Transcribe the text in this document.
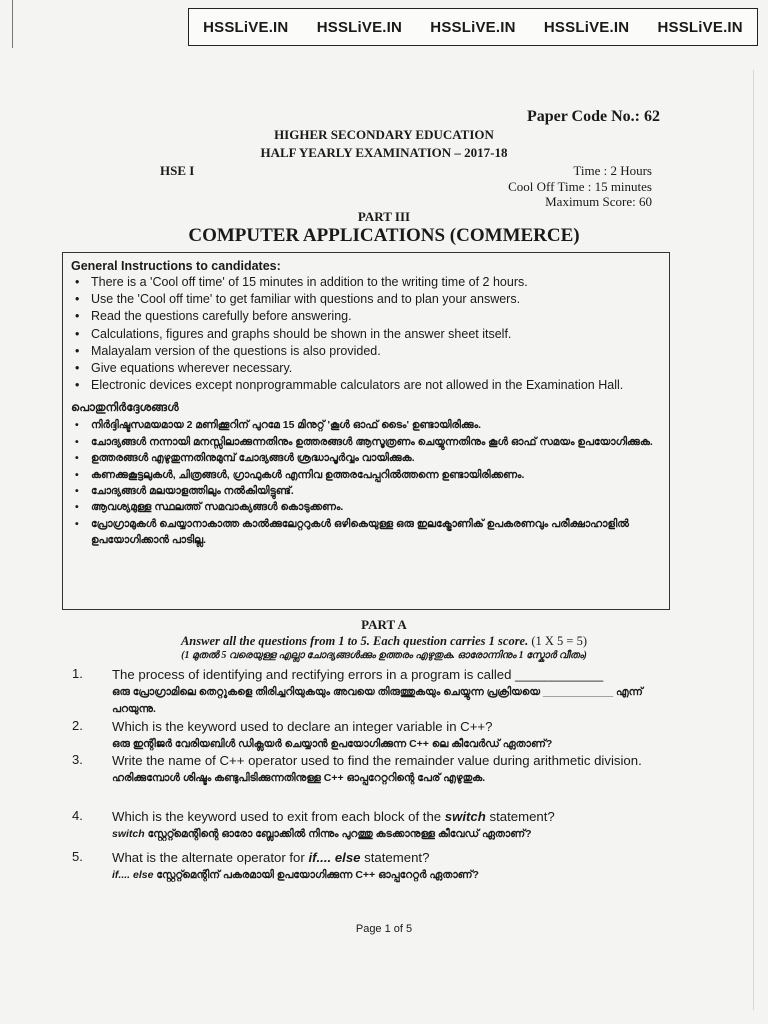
HSSLiVE.IN HSSLiVE.IN HSSLiVE.IN HSSLiVE.IN HSSLiVE.IN
Paper Code No.: 62
HIGHER SECONDARY EDUCATION
HALF YEARLY EXAMINATION – 2017-18
HSE I	Time : 2 Hours
Cool Off Time : 15 minutes
Maximum Score: 60
PART III
COMPUTER APPLICATIONS (COMMERCE)
General Instructions to candidates:
• There is a 'Cool off time' of 15 minutes in addition to the writing time of 2 hours.
• Use the 'Cool off time' to get familiar with questions and to plan your answers.
• Read the questions carefully before answering.
• Calculations, figures and graphs should be shown in the answer sheet itself.
• Malayalam version of the questions is also provided.
• Give equations wherever necessary.
• Electronic devices except nonprogrammable calculators are not allowed in the Examination Hall.
പൊതുനിർദ്ദേശങ്ങൾ
• നിർദ്ദിഷ്ടസമയമായ 2 മണിക്കൂറിന് പുറമേ 15 മിനുറ്റ് 'കൂൾ ഓഫ് ടൈം' ഉണ്ടായിരിക്കും.
• ചോദ്യങ്ങൾ നന്നായി മനസ്സിലാക്കുന്നതിനും ഉത്തരങ്ങൾ ആസൂത്രണം ചെയ്യുന്നതിനും കൂൾ ഓഫ് സമയം ഉപയോഗിക്കുക.
• ഉത്തരങ്ങൾ എഴുതുന്നതിനുമുമ്പ് ചോദ്യങ്ങൾ ശ്രദ്ധാപൂർവ്വം വായിക്കുക.
• കണക്കുകൂട്ടലുകൾ, ചിത്രങ്ങൾ, ഗ്രാഫുകൾ എന്നിവ ഉത്തരപേപ്പറിൽത്തന്നെ ഉണ്ടായിരിക്കണം.
• ചോദ്യങ്ങൾ മലയാളത്തിലും നൽകിയിട്ടുണ്ട്.
• ആവശ്യമുള്ള സ്ഥലത്ത് സമവാക്യങ്ങൾ കൊടുക്കണം.
• പ്രോഗ്രാമുകൾ ചെയ്യാനാകാത്ത കാൽക്കുലേറ്ററുകൾ ഒഴികെയുള്ള ഒരു ഇലക്ട്രോണിക് ഉപകരണവും പരീക്ഷാഹാളിൽ ഉപയോഗിക്കാൻ പാടില്ല.
PART A
Answer all the questions from 1 to 5. Each question carries 1 score. (1 X 5 = 5)
(1 മുതൽ 5 വരെയുള്ള എല്ലാ ചോദ്യങ്ങൾക്കും ഉത്തരം എഴുതുക. ഓരോന്നിനും 1 സ്കോർ വീതം)
1. The process of identifying and rectifying errors in a program is called ____________
ഒരു പ്രോഗ്രാമിലെ തെറ്റുകളെ തിരിച്ചറിയുകയും അവയെ തിരുത്തുകയും ചെയ്യുന്ന പ്രക്രിയയെ ____________ എന്ന് പറയുന്നു.
2. Which is the keyword used to declare an integer variable in C++?
ഒരു ഇന്റിജർ വേരിയബിൾ ഡിക്ലയർ ചെയ്യാൻ ഉപയോഗിക്കുന്ന C++ ലെ കീവേർഡ് ഏതാണ്?
3. Write the name of C++ operator used to find the remainder value during arithmetic division.
ഹരിക്കുമ്പോൾ ശിഷ്ടം കണ്ടുപിടിക്കുന്നതിനുള്ള C++ ഓപ്പറേറ്ററിന്റെ പേര് എഴുതുക.
4. Which is the keyword used to exit from each block of the switch statement?
switch സ്റ്റേറ്റ്മെന്റിന്റെ ഓരോ ബ്ലോക്കിൽ നിന്നും പുറത്തു കടക്കാനുള്ള കീവേഡ് ഏതാണ്?
5. What is the alternate operator for if.... else statement?
if.... else സ്റ്റേറ്റ്മെന്റിന് പകരമായി ഉപയോഗിക്കുന്ന C++ ഓപ്പറേറ്റർ ഏതാണ്?
Page 1 of 5
